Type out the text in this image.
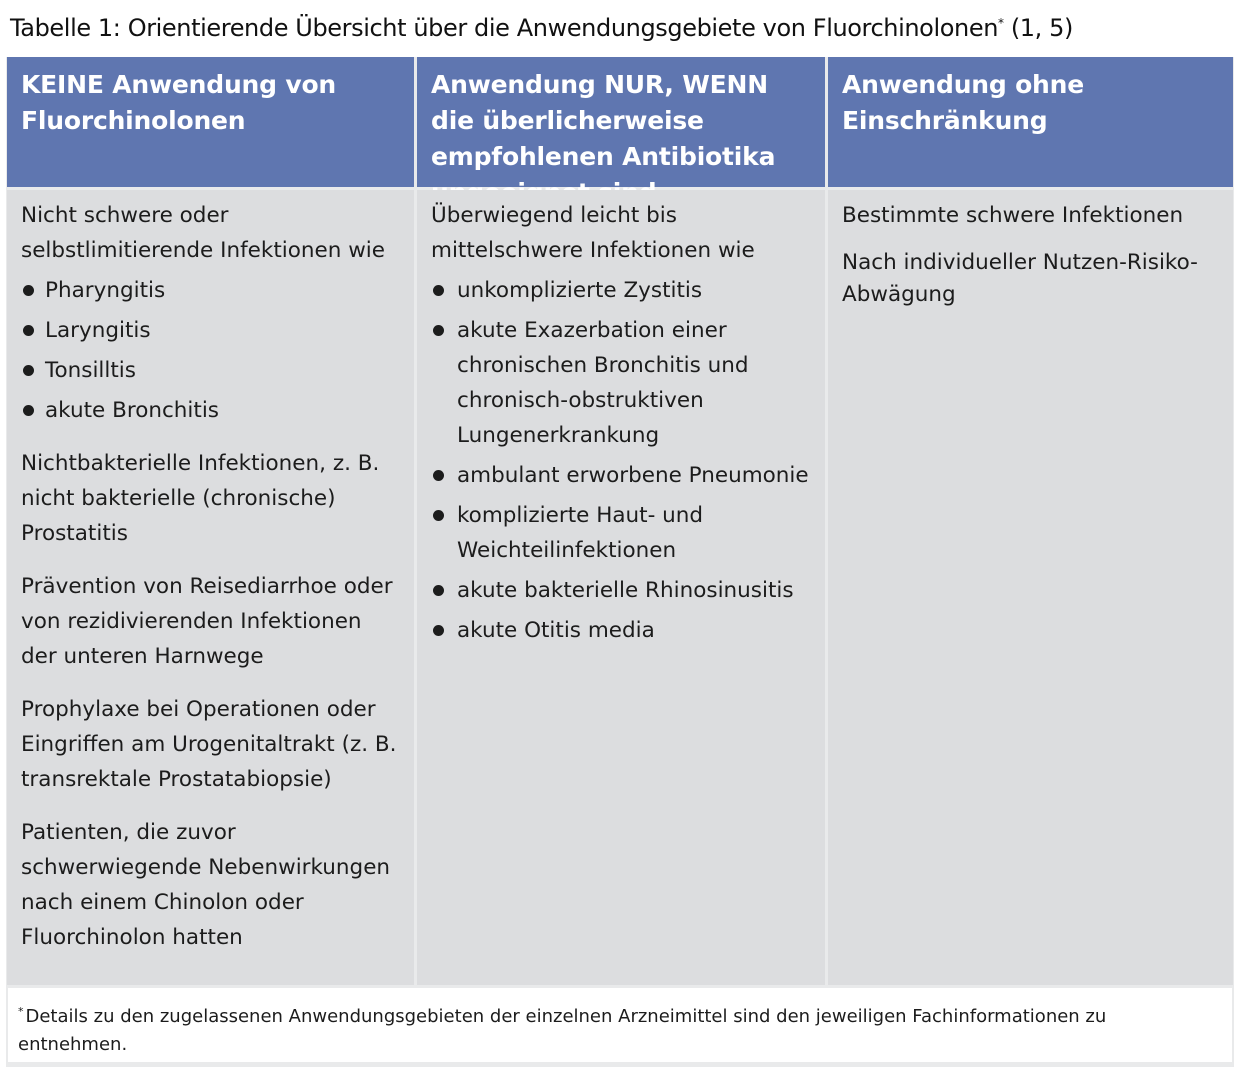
Tabelle 1: Orientierende Übersicht über die Anwendungsgebiete von Fluorchinolonen* (1, 5)
KEINE Anwendung von Fluorchinolonen
Nicht schwere oder selbstlimitierende Infektionen wie
Pharyngitis
Laryngitis
Tonsilltis
akute Bronchitis
Nichtbakterielle Infektionen, z. B. nicht bakterielle (chronische) Prostatitis
Prävention von Reisediarrhoe oder von rezidivierenden Infektionen der unteren Harnwege
Prophylaxe bei Operationen oder Eingriffen am Urogenitaltrakt (z. B. transrektale Prostatabiopsie)
Patienten, die zuvor schwerwiegende Nebenwirkungen nach einem Chinolon oder Fluorchinolon hatten
Anwendung NUR, WENN die überlicherweise empfohlenen Antibiotika
Überwiegend leicht bis mittelschwere Infektionen wie
unkomplizierte Zystitis
akute Exazerbation einer chronischen Bronchitis und chronisch-obstruktiven Lungenerkrankung
ambulant erworbene Pneumonie
komplizierte Haut- und Weichteilinfektionen
akute bakterielle Rhinosinusitis
akute Otitis media
Anwendung ohne Einschränkung
Bestimmte schwere Infektionen
Nach individueller Nutzen-Risiko-Abwägung
* Details zu den zugelassenen Anwendungsgebieten der einzelnen Arzneimittel sind den jeweiligen Fachinformationen zu entnehmen.
